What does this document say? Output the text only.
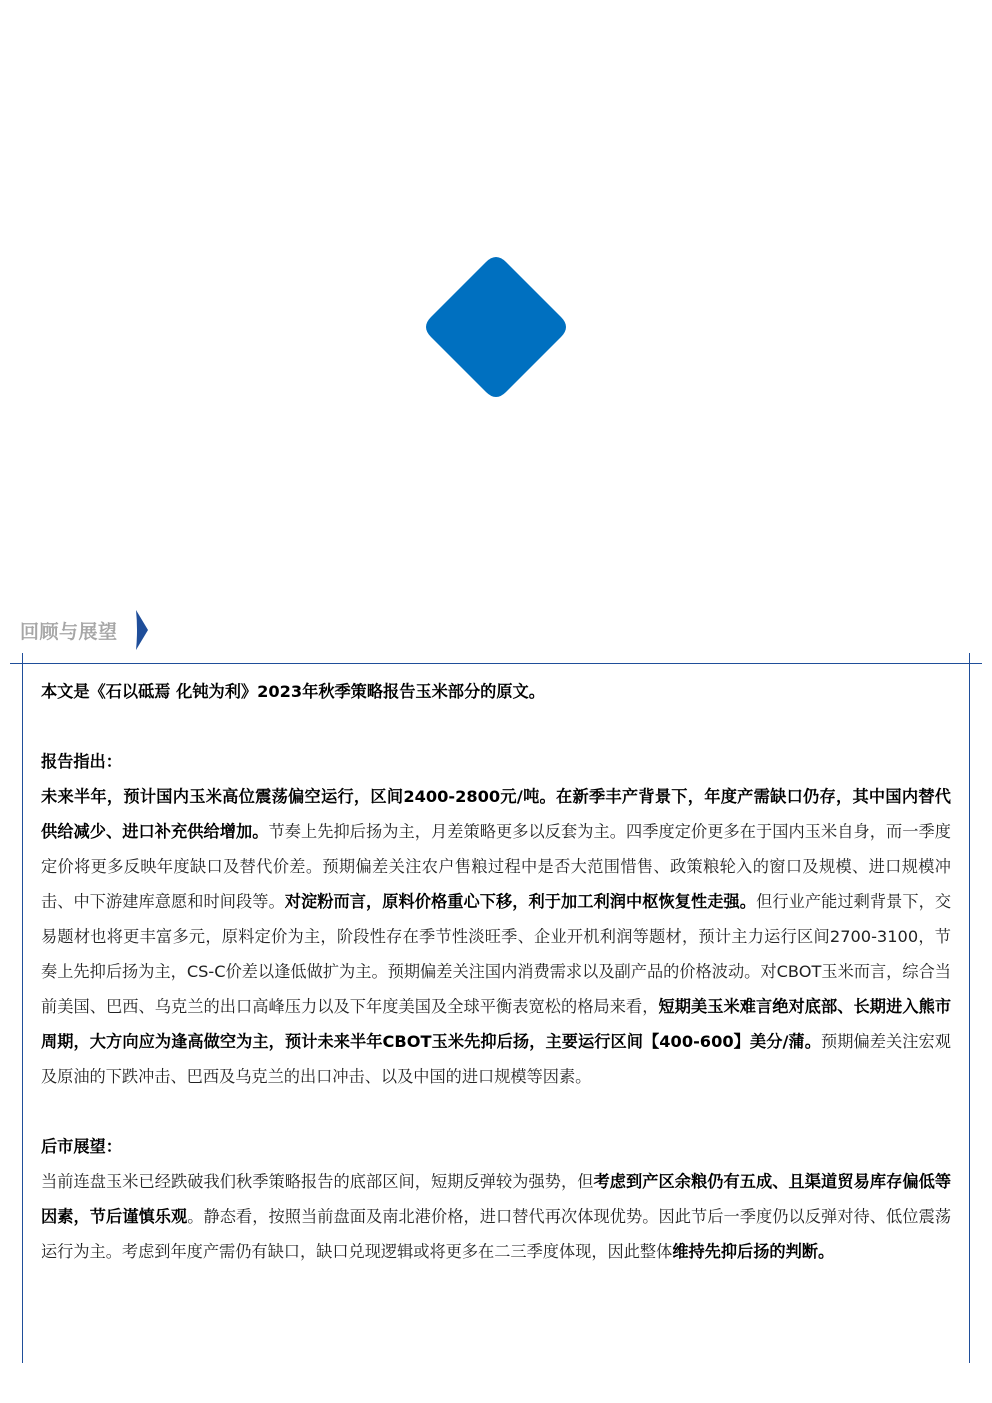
回顾与展望

本文是《石以砥焉 化钝为利》2023年秋季策略报告玉米部分的原文。

报告指出：

未来半年，预计国内玉米高位震荡偏空运行，区间2400-2800元/吨。在新季丰产背景下，年度产需缺口仍存，其中国内替代供给减少、进口补充供给增加。节奏上先抑后扬为主，月差策略更多以反套为主。四季度定价更多在于国内玉米自身，而一季度定价将更多反映年度缺口及替代价差。预期偏差关注农户售粮过程中是否大范围惜售、政策粮轮入的窗口及规模、进口规模冲击、中下游建库意愿和时间段等。对淀粉而言，原料价格重心下移，利于加工利润中枢恢复性走强。但行业产能过剩背景下，交易题材也将更丰富多元，原料定价为主，阶段性存在季节性淡旺季、企业开机利润等题材，预计主力运行区间2700-3100，节奏上先抑后扬为主，CS-C价差以逢低做扩为主。预期偏差关注国内消费需求以及副产品的价格波动。对CBOT玉米而言，综合当前美国、巴西、乌克兰的出口高峰压力以及下年度美国及全球平衡表宽松的格局来看，短期美玉米难言绝对底部、长期进入熊市周期，大方向应为逢高做空为主，预计未来半年CBOT玉米先抑后扬，主要运行区间【400-600】美分/蒲。预期偏差关注宏观及原油的下跌冲击、巴西及乌克兰的出口冲击、以及中国的进口规模等因素。

后市展望：

当前连盘玉米已经跌破我们秋季策略报告的底部区间，短期反弹较为强势，但考虑到产区余粮仍有五成、且渠道贸易库存偏低等因素，节后谨慎乐观。静态看，按照当前盘面及南北港价格，进口替代再次体现优势。因此节后一季度仍以反弹对待、低位震荡运行为主。考虑到年度产需仍有缺口，缺口兑现逻辑或将更多在二三季度体现，因此整体维持先抑后扬的判断。
